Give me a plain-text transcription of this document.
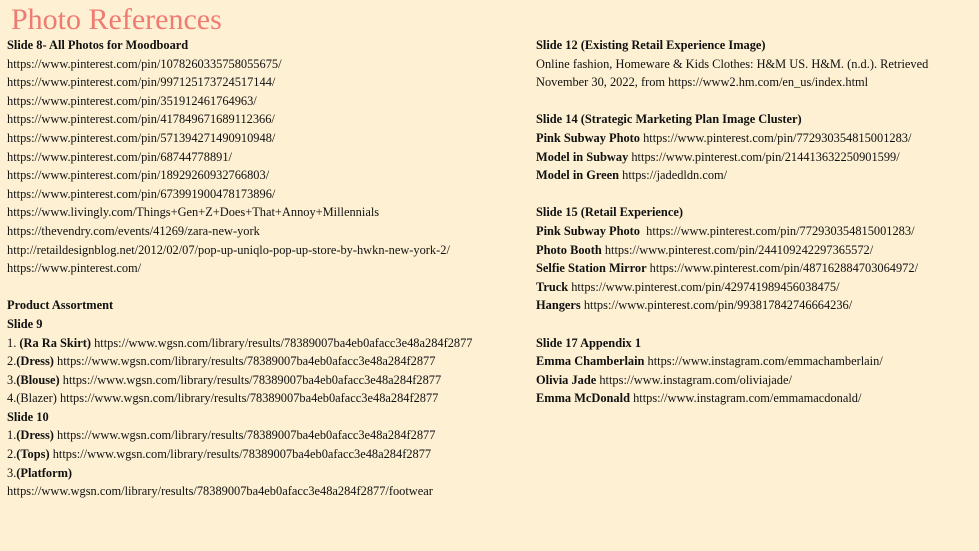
Photo References
Slide 8- All Photos for Moodboard
https://www.pinterest.com/pin/1078260335758055675/
https://www.pinterest.com/pin/997125173724517144/
https://www.pinterest.com/pin/351912461764963/
https://www.pinterest.com/pin/417849671689112366/
https://www.pinterest.com/pin/571394271490910948/
https://www.pinterest.com/pin/68744778891/
https://www.pinterest.com/pin/18929260932766803/
https://www.pinterest.com/pin/673991900478173896/
https://www.livingly.com/Things+Gen+Z+Does+That+Annoy+Millennials
https://thevendry.com/events/41269/zara-new-york
http://retaildesignblog.net/2012/02/07/pop-up-uniqlo-pop-up-store-by-hwkn-new-york-2/
https://www.pinterest.com/
Product Assortment
Slide 9
1. (Ra Ra Skirt) https://www.wgsn.com/library/results/78389007ba4eb0afacc3e48a284f2877
2.(Dress) https://www.wgsn.com/library/results/78389007ba4eb0afacc3e48a284f2877
3.(Blouse) https://www.wgsn.com/library/results/78389007ba4eb0afacc3e48a284f2877
4.(Blazer) https://www.wgsn.com/library/results/78389007ba4eb0afacc3e48a284f2877
Slide 10
1.(Dress) https://www.wgsn.com/library/results/78389007ba4eb0afacc3e48a284f2877
2.(Tops) https://www.wgsn.com/library/results/78389007ba4eb0afacc3e48a284f2877
3.(Platform)
https://www.wgsn.com/library/results/78389007ba4eb0afacc3e48a284f2877/footwear
Slide 12 (Existing Retail Experience Image)
Online fashion, Homeware & Kids Clothes: H&M US. H&M. (n.d.). Retrieved
November 30, 2022, from https://www2.hm.com/en_us/index.html
Slide 14 (Strategic Marketing Plan Image Cluster)
Pink Subway Photo https://www.pinterest.com/pin/772930354815001283/
Model in Subway https://www.pinterest.com/pin/214413632250901599/
Model in Green https://jadedldn.com/
Slide 15 (Retail Experience)
Pink Subway Photo  https://www.pinterest.com/pin/772930354815001283/
Photo Booth https://www.pinterest.com/pin/244109242297365572/
Selfie Station Mirror https://www.pinterest.com/pin/487162884703064972/
Truck https://www.pinterest.com/pin/429741989456038475/
Hangers https://www.pinterest.com/pin/993817842746664236/
Slide 17 Appendix 1
Emma Chamberlain https://www.instagram.com/emmachamberlain/
Olivia Jade https://www.instagram.com/oliviajade/
Emma McDonald https://www.instagram.com/emmamacdonald/
